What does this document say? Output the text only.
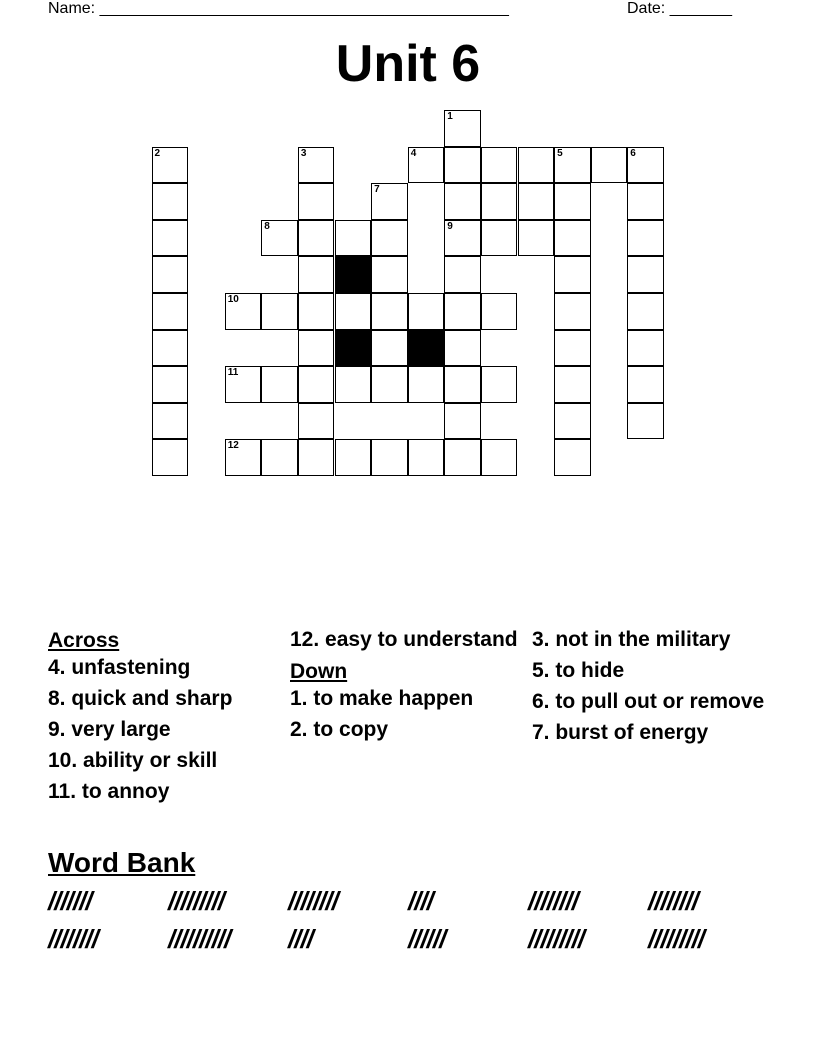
Name: ______________________________________________	Date: _______
Unit 6
1
2	3	4	5	6
7
8	9
10
11
12
Across
4. unfastening
8. quick and sharp
9. very large
10. ability or skill
11. to annoy
12. easy to understand
Down
1. to make happen
2. to copy
3. not in the military
5. to hide
6. to pull out or remove
7. burst of energy
Word Bank
///////	///////// ////////	////	////////	////////
////////	////////// ////	//////	///////// /////////
